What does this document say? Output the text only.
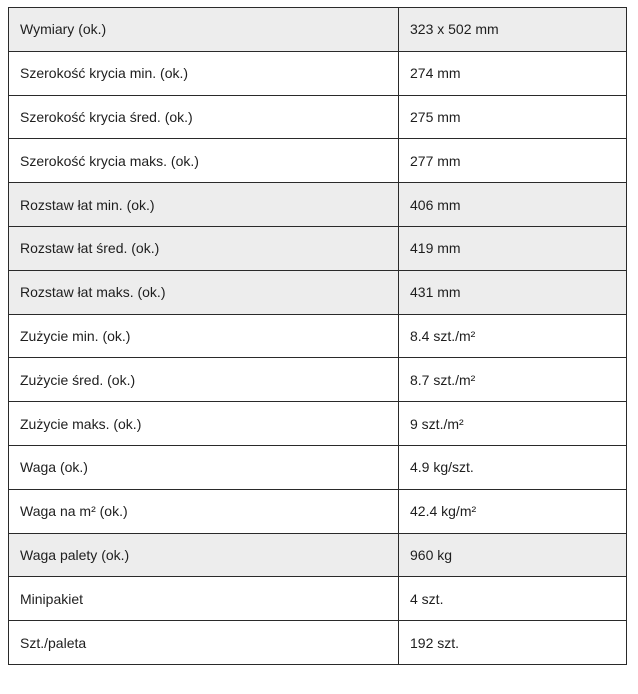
Wymiary (ok.)	323 x 502 mm
Szerokość krycia min. (ok.)	274 mm
Szerokość krycia śred. (ok.)	275 mm
Szerokość krycia maks. (ok.)	277 mm
Rozstaw łat min. (ok.)	406 mm
Rozstaw łat śred. (ok.)	419 mm
Rozstaw łat maks. (ok.)	431 mm
Zużycie min. (ok.)	8.4 szt./m²
Zużycie śred. (ok.)	8.7 szt./m²
Zużycie maks. (ok.)	9 szt./m²
Waga (ok.)	4.9 kg/szt.
Waga na m² (ok.)	42.4 kg/m²
Waga palety (ok.)	960 kg
Minipakiet	4 szt.
Szt./paleta	192 szt.
